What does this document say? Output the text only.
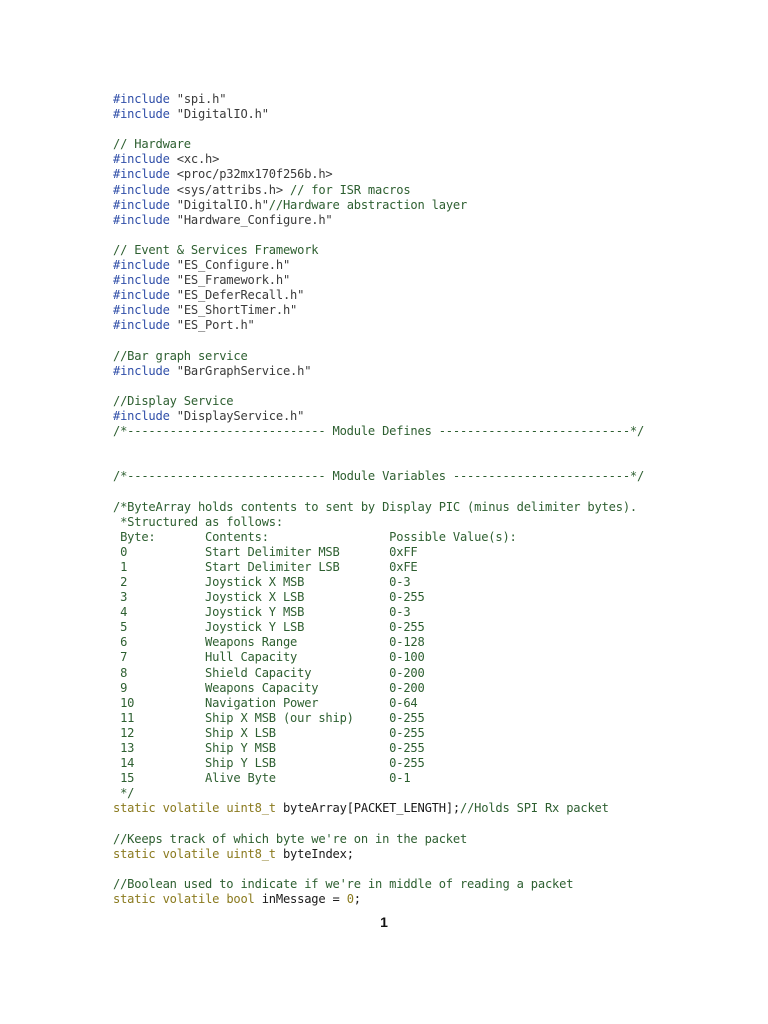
#include "spi.h"
#include "DigitalIO.h"

// Hardware
#include <xc.h>
#include <proc/p32mx170f256b.h>
#include <sys/attribs.h> // for ISR macros
#include "DigitalIO.h"//Hardware abstraction layer
#include "Hardware_Configure.h"

// Event & Services Framework
#include "ES_Configure.h"
#include "ES_Framework.h"
#include "ES_DeferRecall.h"
#include "ES_ShortTimer.h"
#include "ES_Port.h"

//Bar graph service
#include "BarGraphService.h"

//Display Service
#include "DisplayService.h"
/*---------------------------- Module Defines ---------------------------*/

/*---------------------------- Module Variables -------------------------*/

/*ByteArray holds contents to sent by Display PIC (minus delimiter bytes).
*Structured as follows:
Byte:       Contents:                 Possible Value(s):
0           Start Delimiter MSB       0xFF
1           Start Delimiter LSB       0xFE
2           Joystick X MSB            0-3
3           Joystick X LSB            0-255
4           Joystick Y MSB            0-3
5           Joystick Y LSB            0-255
6           Weapons Range             0-128
7           Hull Capacity             0-100
8           Shield Capacity           0-200
9           Weapons Capacity          0-200
10          Navigation Power          0-64
11          Ship X MSB (our ship)     0-255
12          Ship X LSB                0-255
13          Ship Y MSB                0-255
14          Ship Y LSB                0-255
15          Alive Byte                0-1
*/
static volatile uint8_t byteArray[PACKET_LENGTH];//Holds SPI Rx packet

//Keeps track of which byte we're on in the packet
static volatile uint8_t byteIndex;

//Boolean used to indicate if we're in middle of reading a packet
static volatile bool inMessage = 0;
1
